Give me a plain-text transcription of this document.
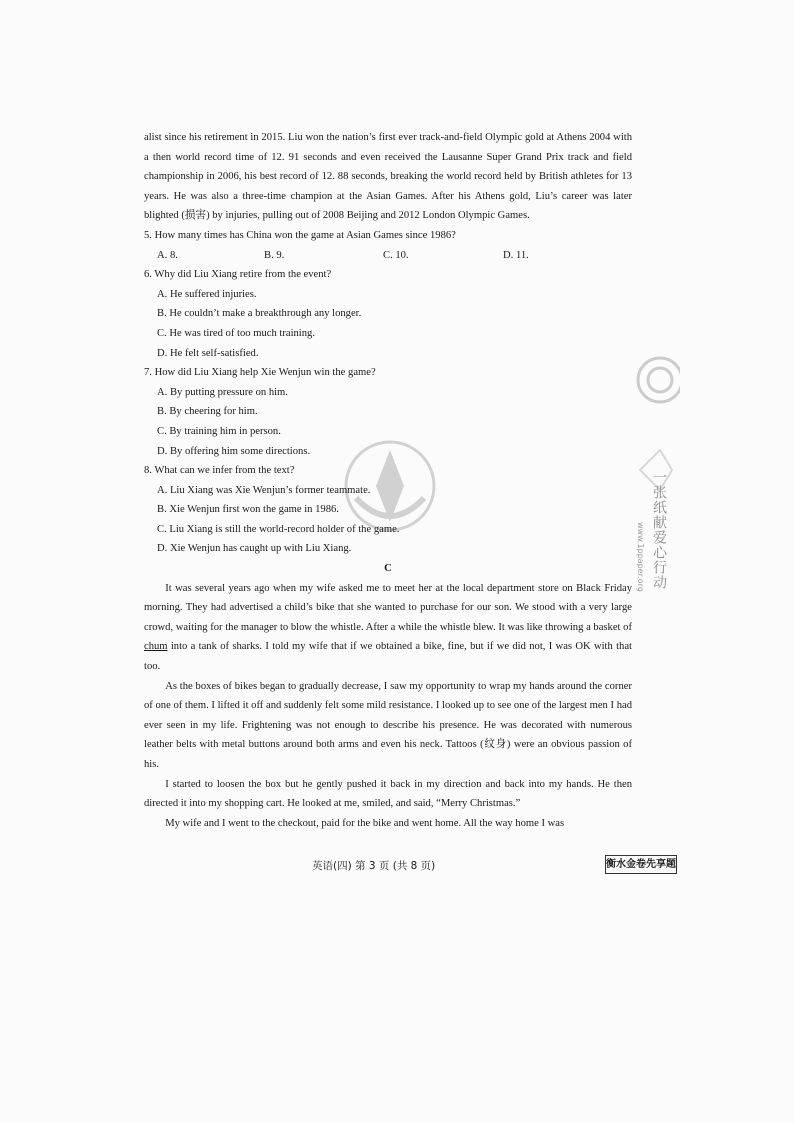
一张纸献爱心行动
www.1ppaper.org

alist since his retirement in 2015. Liu won the nation’s first ever track-and-field Olympic gold at Athens 2004 with a then world record time of 12. 91 seconds and even received the Lausanne Super Grand Prix track and field championship in 2006, his best record of 12. 88 seconds, breaking the world record held by British athletes for 13 years. He was also a three-time champion at the Asian Games. After his Athens gold, Liu’s career was later blighted (损害) by injuries, pulling out of 2008 Beijing and 2012 London Olympic Games.

5. How many times has China won the game at Asian Games since 1986?

A. 8.	B. 9.	C. 10.	D. 11.

6. Why did Liu Xiang retire from the event?

A. He suffered injuries.

B. He couldn’t make a breakthrough any longer.

C. He was tired of too much training.

D. He felt self-satisfied.

7. How did Liu Xiang help Xie Wenjun win the game?

A. By putting pressure on him.

B. By cheering for him.

C. By training him in person.

D. By offering him some directions.

8. What can we infer from the text?

A. Liu Xiang was Xie Wenjun’s former teammate.

B. Xie Wenjun first won the game in 1986.

C. Liu Xiang is still the world-record holder of the game.

D. Xie Wenjun has caught up with Liu Xiang.

C

It was several years ago when my wife asked me to meet her at the local department store on Black Friday morning. They had advertised a child’s bike that she wanted to purchase for our son. We stood with a very large crowd, waiting for the manager to blow the whistle. After a while the whistle blew. It was like throwing a basket of chum into a tank of sharks. I told my wife that if we obtained a bike, fine, but if we did not, I was OK with that too.

As the boxes of bikes began to gradually decrease, I saw my opportunity to wrap my hands around the corner of one of them. I lifted it off and suddenly felt some mild resistance. I looked up to see one of the largest men I had ever seen in my life. Frightening was not enough to describe his presence. He was decorated with numerous leather belts with metal buttons around both arms and even his neck. Tattoos (纹身) were an obvious passion of his.

I started to loosen the box but he gently pushed it back in my direction and back into my hands. He then directed it into my shopping cart. He looked at me, smiled, and said, “Merry Christmas.”

My wife and I went to the checkout, paid for the bike and went home. All the way home I was

英语(四) 第 3 页 (共 8 页)	衡水金卷先享题
